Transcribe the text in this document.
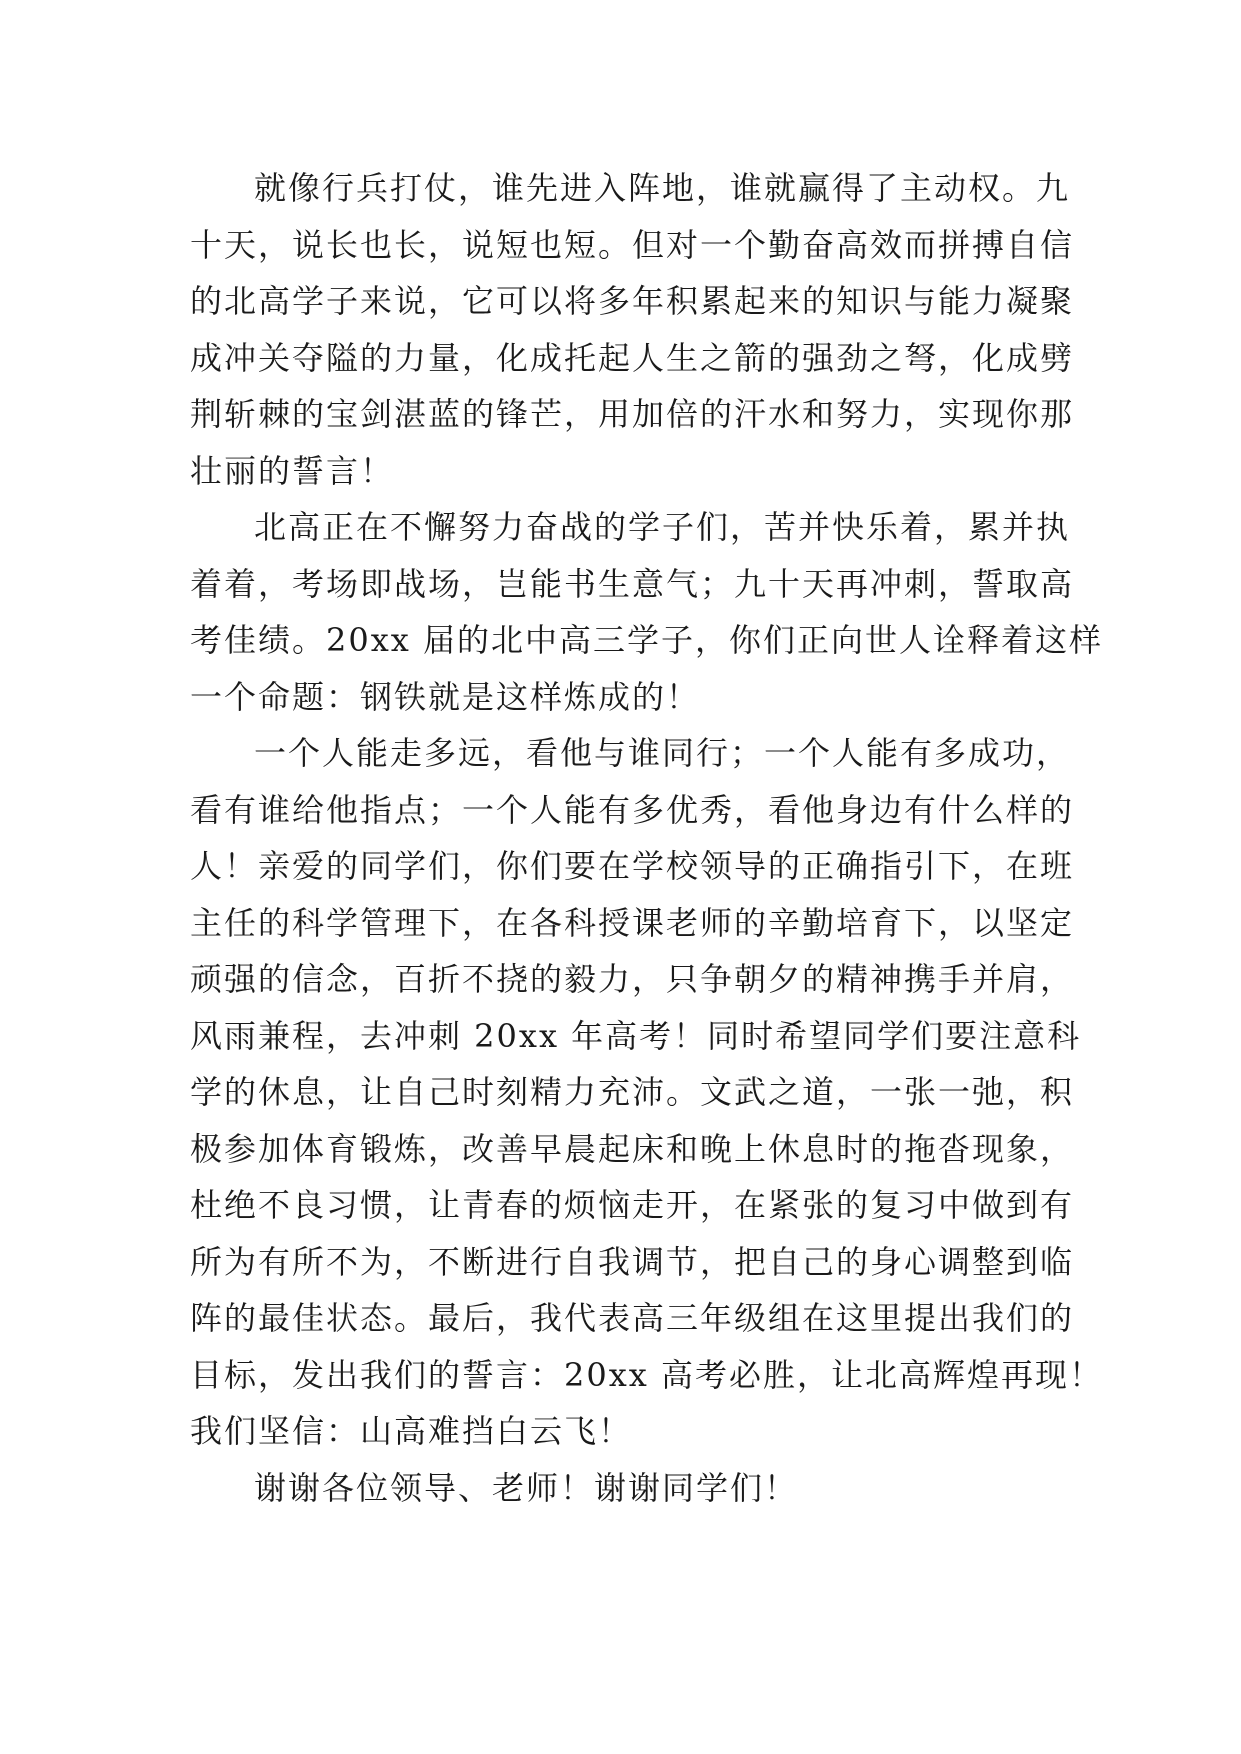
就像行兵打仗，谁先进入阵地，谁就赢得了主动权。九
十天，说长也长，说短也短。但对一个勤奋高效而拼搏自信
的北高学子来说，它可以将多年积累起来的知识与能力凝聚
成冲关夺隘的力量，化成托起人生之箭的强劲之弩，化成劈
荆斩棘的宝剑湛蓝的锋芒，用加倍的汗水和努力，实现你那
壮丽的誓言！
北高正在不懈努力奋战的学子们，苦并快乐着，累并执
着着，考场即战场，岂能书生意气；九十天再冲刺，誓取高
考佳绩。20xx 届的北中高三学子，你们正向世人诠释着这样
一个命题：钢铁就是这样炼成的！
一个人能走多远，看他与谁同行；一个人能有多成功，
看有谁给他指点；一个人能有多优秀，看他身边有什么样的
人！亲爱的同学们，你们要在学校领导的正确指引下，在班
主任的科学管理下，在各科授课老师的辛勤培育下，以坚定
顽强的信念，百折不挠的毅力，只争朝夕的精神携手并肩，
风雨兼程，去冲刺 20xx 年高考！同时希望同学们要注意科
学的休息，让自己时刻精力充沛。文武之道，一张一弛，积
极参加体育锻炼，改善早晨起床和晚上休息时的拖沓现象，
杜绝不良习惯，让青春的烦恼走开，在紧张的复习中做到有
所为有所不为，不断进行自我调节，把自己的身心调整到临
阵的最佳状态。最后，我代表高三年级组在这里提出我们的
目标，发出我们的誓言：20xx 高考必胜，让北高辉煌再现！
我们坚信：山高难挡白云飞！
谢谢各位领导、老师！谢谢同学们！
